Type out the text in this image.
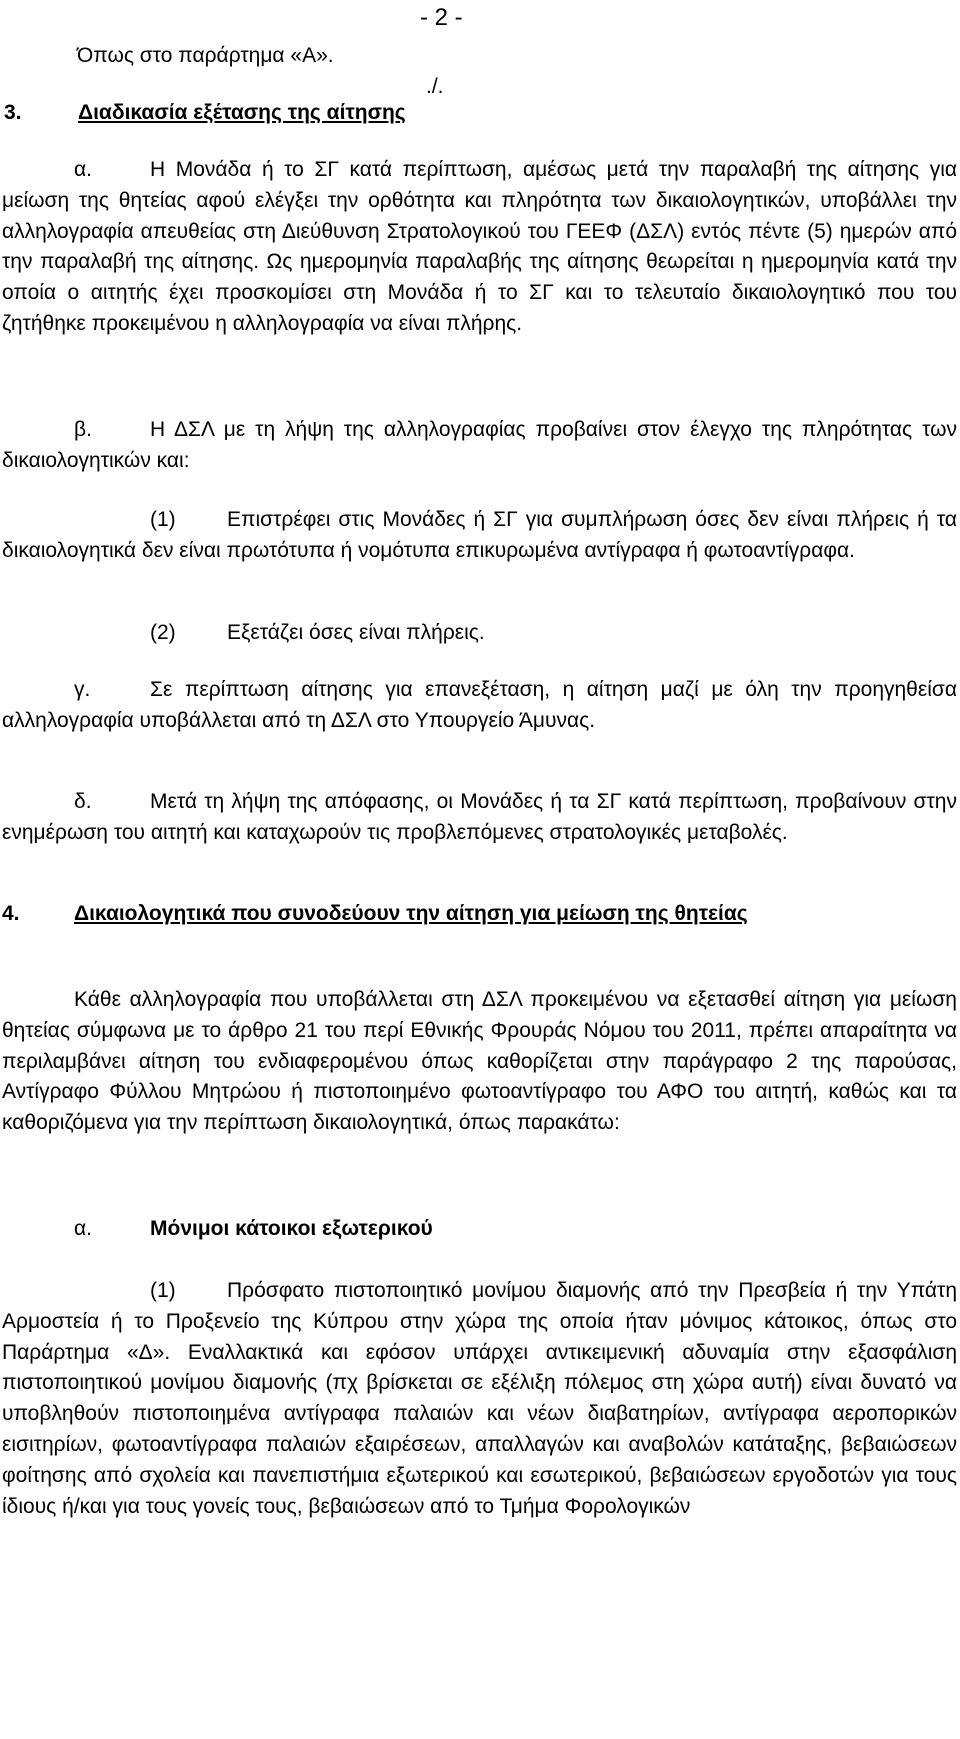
- 2 -
Όπως στο παράρτημα «Α».
./.
3.	Διαδικασία εξέτασης της αίτησης
α.	Η Μονάδα ή το ΣΓ κατά περίπτωση, αμέσως μετά την παραλαβή της αίτησης για μείωση της θητείας αφού ελέγξει την ορθότητα και πληρότητα των δικαιολογητικών, υποβάλλει την αλληλογραφία απευθείας στη Διεύθυνση Στρατολογικού του ΓΕΕΦ (ΔΣΛ) εντός πέντε (5) ημερών από την παραλαβή της αίτησης. Ως ημερομηνία παραλαβής της αίτησης θεωρείται η ημερομηνία κατά την οποία ο αιτητής έχει προσκομίσει στη Μονάδα ή το ΣΓ και το τελευταίο δικαιολογητικό που του ζητήθηκε προκειμένου η αλληλογραφία να είναι πλήρης.
β.	Η ΔΣΛ με τη λήψη της αλληλογραφίας προβαίνει στον έλεγχο της πληρότητας των δικαιολογητικών και:
(1) Επιστρέφει στις Μονάδες ή ΣΓ για συμπλήρωση όσες δεν είναι πλήρεις ή τα δικαιολογητικά δεν είναι πρωτότυπα ή νομότυπα επικυρωμένα αντίγραφα ή φωτοαντίγραφα.
(2) Εξετάζει όσες είναι πλήρεις.
γ.	Σε περίπτωση αίτησης για επανεξέταση, η αίτηση μαζί με όλη την προηγηθείσα αλληλογραφία υποβάλλεται από τη ΔΣΛ στο Υπουργείο Άμυνας.
δ.	Μετά τη λήψη της απόφασης, οι Μονάδες ή τα ΣΓ κατά περίπτωση, προβαίνουν στην ενημέρωση του αιτητή και καταχωρούν τις προβλεπόμενες στρατολογικές μεταβολές.
4.	Δικαιολογητικά που συνοδεύουν την αίτηση για μείωση της θητείας
Κάθε αλληλογραφία που υποβάλλεται στη ΔΣΛ προκειμένου να εξετασθεί αίτηση για μείωση θητείας σύμφωνα με το άρθρο 21 του περί Εθνικής Φρουράς Νόμου του 2011, πρέπει απαραίτητα να περιλαμβάνει αίτηση του ενδιαφερομένου όπως καθορίζεται στην παράγραφο 2 της παρούσας, Αντίγραφο Φύλλου Μητρώου ή πιστοποιημένο φωτοαντίγραφο του ΑΦΟ του αιτητή, καθώς και τα καθοριζόμενα για την περίπτωση δικαιολογητικά, όπως παρακάτω:
α.	Μόνιμοι κάτοικοι εξωτερικού
(1) Πρόσφατο πιστοποιητικό μονίμου διαμονής από την Πρεσβεία ή την Υπάτη Αρμοστεία ή το Προξενείο της Κύπρου στην χώρα της οποία ήταν μόνιμος κάτοικος, όπως στο Παράρτημα «Δ». Εναλλακτικά και εφόσον υπάρχει αντικειμενική αδυναμία στην εξασφάλιση πιστοποιητικού μονίμου διαμονής (πχ βρίσκεται σε εξέλιξη πόλεμος στη χώρα αυτή) είναι δυνατό να υποβληθούν πιστοποιημένα αντίγραφα παλαιών και νέων διαβατηρίων, αντίγραφα αεροπορικών εισιτηρίων, φωτοαντίγραφα παλαιών εξαιρέσεων, απαλλαγών και αναβολών κατάταξης, βεβαιώσεων φοίτησης από σχολεία και πανεπιστήμια εξωτερικού και εσωτερικού, βεβαιώσεων εργοδοτών για τους ίδιους ή/και για τους γονείς τους, βεβαιώσεων από το Τμήμα Φορολογικών
